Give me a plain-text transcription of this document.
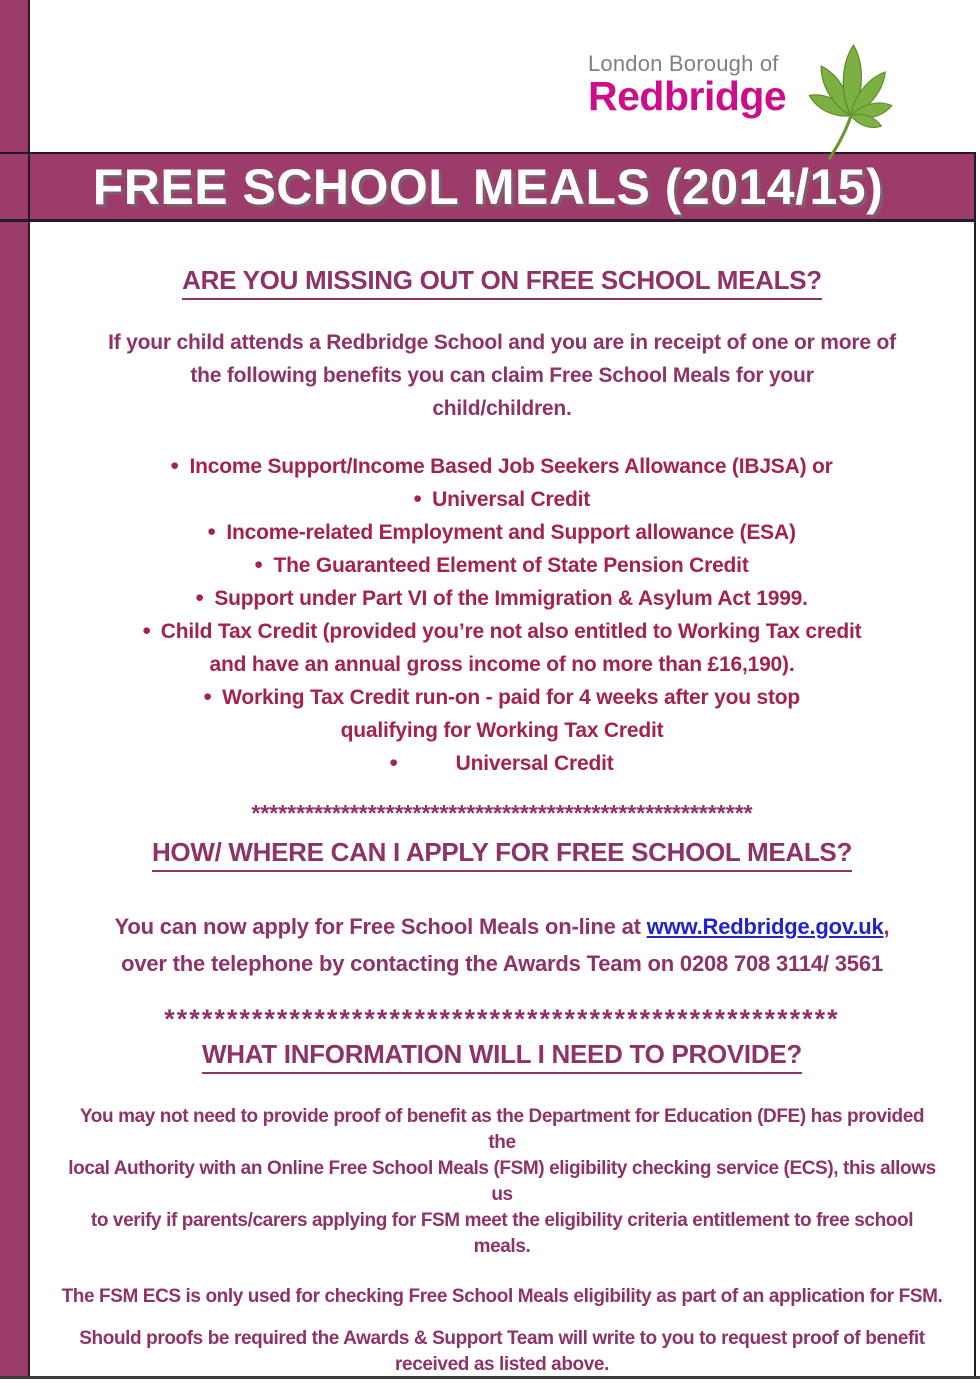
FREE SCHOOL MEALS (2014/15)
London Borough of
Redbridge
ARE YOU MISSING OUT ON FREE SCHOOL MEALS?
If your child attends a Redbridge School and you are in receipt of one or more of
the following benefits you can claim Free School Meals for your
child/children.
• Income Support/Income Based Job Seekers Allowance (IBJSA) or
• Universal Credit
• Income-related Employment and Support allowance (ESA)
• The Guaranteed Element of State Pension Credit
• Support under Part VI of the Immigration & Asylum Act 1999.
• Child Tax Credit (provided you’re not also entitled to Working Tax credit
and have an annual gross income of no more than £16,190).
• Working Tax Credit run-on - paid for 4 weeks after you stop
qualifying for Working Tax Credit
•	Universal Credit
********************************************************
HOW/ WHERE CAN I APPLY FOR FREE SCHOOL MEALS?
You can now apply for Free School Meals on-line at www.Redbridge.gov.uk,
over the telephone by contacting the Awards Team on 0208 708 3114/ 3561
******************************************************
WHAT INFORMATION WILL I NEED TO PROVIDE?
You may not need to provide proof of benefit as the Department for Education (DFE) has provided
the
local Authority with an Online Free School Meals (FSM) eligibility checking service (ECS), this allows
us
to verify if parents/carers applying for FSM meet the eligibility criteria entitlement to free school
meals.
The FSM ECS is only used for checking Free School Meals eligibility as part of an application for FSM.
Should proofs be required the Awards & Support Team will write to you to request proof of benefit
received as listed above.
